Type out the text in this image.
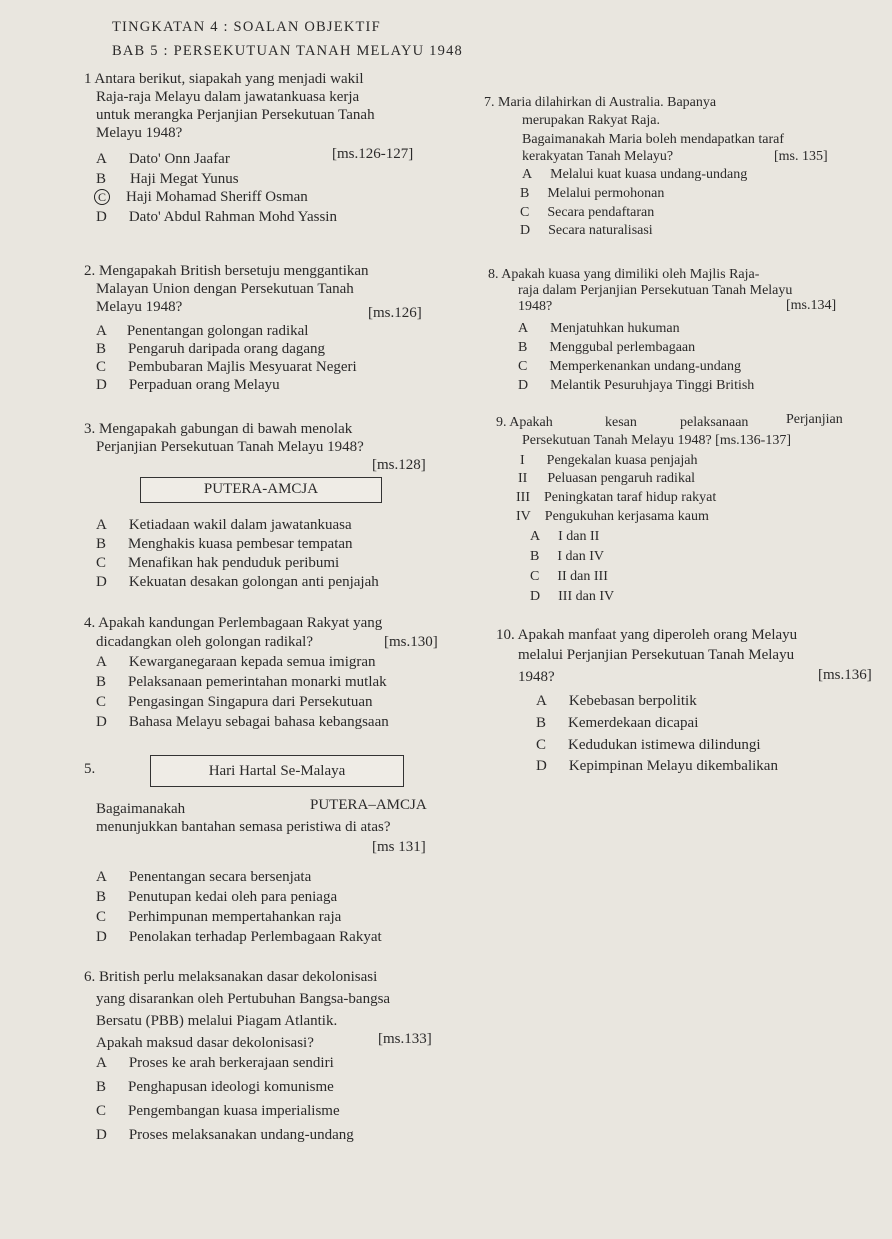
TINGKATAN 4 : SOALAN OBJEKTIF
BAB 5 : PERSEKUTUAN TANAH MELAYU 1948
1 Antara berikut, siapakah yang menjadi wakil
Raja-raja Melayu dalam jawatankuasa kerja
untuk merangka Perjanjian Persekutuan Tanah
Melayu 1948?
[ms.126-127]
A Dato' Onn Jaafar
B Haji Megat Yunus
C Haji Mohamad Sheriff Osman
D Dato' Abdul Rahman Mohd Yassin
2. Mengapakah British bersetuju menggantikan
Malayan Union dengan Persekutuan Tanah
Melayu 1948?	[ms.126]
A Penentangan golongan radikal
B Pengaruh daripada orang dagang
C Pembubaran Majlis Mesyuarat Negeri
D Perpaduan orang Melayu
3. Mengapakah gabungan di bawah menolak
Perjanjian Persekutuan Tanah Melayu 1948?
[ms.128]
PUTERA-AMCJA
A Ketiadaan wakil dalam jawatankuasa
B Menghakis kuasa pembesar tempatan
C Menafikan hak penduduk peribumi
D Kekuatan desakan golongan anti penjajah
4. Apakah kandungan Perlembagaan Rakyat yang
dicadangkan oleh golongan radikal?	[ms.130]
A Kewarganegaraan kepada semua imigran
B Pelaksanaan pemerintahan monarki mutlak
C Pengasingan Singapura dari Persekutuan
D Bahasa Melayu sebagai bahasa kebangsaan
5.	Hari Hartal Se-Malaya
Bagaimanakah	PUTERA–AMCJA
menunjukkan bantahan semasa peristiwa di atas?
[ms 131]
A Penentangan secara bersenjata
B Penutupan kedai oleh para peniaga
C Perhimpunan mempertahankan raja
D Penolakan terhadap Perlembagaan Rakyat
6. British perlu melaksanakan dasar dekolonisasi
yang disarankan oleh Pertubuhan Bangsa-bangsa
Bersatu (PBB) melalui Piagam Atlantik.
Apakah maksud dasar dekolonisasi?	[ms.133]
A Proses ke arah berkerajaan sendiri
B Penghapusan ideologi komunisme
C Pengembangan kuasa imperialisme
D Proses melaksanakan undang-undang
7. Maria dilahirkan di Australia. Bapanya
merupakan Rakyat Raja.
Bagaimanakah Maria boleh mendapatkan taraf
kerakyatan Tanah Melayu?	[ms. 135]
A Melalui kuat kuasa undang-undang
B Melalui permohonan
C Secara pendaftaran
D Secara naturalisasi
8. Apakah kuasa yang dimiliki oleh Majlis Raja-
raja dalam Perjanjian Persekutuan Tanah Melayu
1948?	[ms.134]
A Menjatuhkan hukuman
B Menggubal perlembagaan
C Memperkenankan undang-undang
D Melantik Pesuruhjaya Tinggi British
9. Apakah	kesan	pelaksanaan	Perjanjian
Persekutuan Tanah Melayu 1948? [ms.136-137]
I Pengekalan kuasa penjajah
II Peluasan pengaruh radikal
III Peningkatan taraf hidup rakyat
IV Pengukuhan kerjasama kaum
A I dan II
B I dan IV
C II dan III
D III dan IV
10. Apakah manfaat yang diperoleh orang Melayu
melalui Perjanjian Persekutuan Tanah Melayu
1948?	[ms.136]
A Kebebasan berpolitik
B Kemerdekaan dicapai
C Kedudukan istimewa dilindungi
D Kepimpinan Melayu dikembalikan
